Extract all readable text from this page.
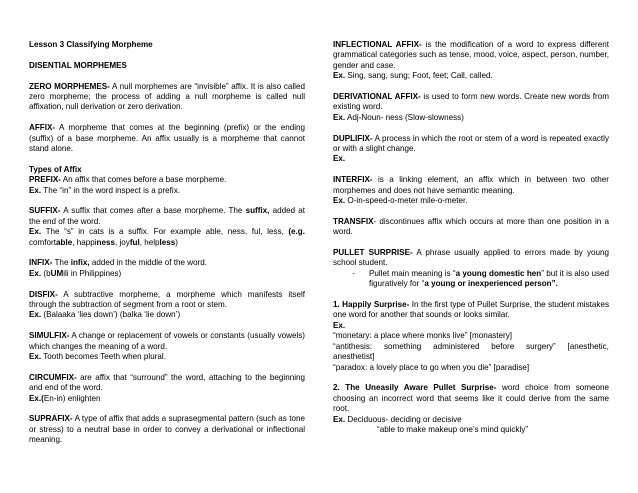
Lesson 3 Classifying Morpheme

DISENTIAL MORPHEMES

ZERO MORPHEMES- A null morphemes are “invisible” affix. It is also called zero morpheme; the process of adding a null morpheme is called null affixation, null derivation or zero derivation.

AFFIX- A morpheme that comes at the beginning (prefix) or the ending (suffix) of a base morpheme. An affix usually is a morpheme that cannot stand alone.

Types of Affix

PREFIX- An affix that comes before a base morpheme.

Ex. The “in” in the word inspect is a prefix.

SUFFIX- A suffix that comes after a base morpheme. The suffix, added at the end of the word.

Ex. The “s” in cats is a suffix. For example able, ness, ful, less, (e.g. comfortable, happiness, joyful, helpless)

INFIX- The infix, added in the middle of the word.

Ex. (bUMili in Philippines)

DISFIX- A subtractive morpheme, a morpheme which manifests itself through the subtraction of segment from a root or stem.

Ex. (Balaaka ‘lies down’) (balka ‘lie down’)

SIMULFIX- A change or replacement of vowels or constants (usually vowels) which changes the meaning of a word.

Ex. Tooth becomes Teeth when plural.

CIRCUMFIX- are affix that “surround” the word, attaching to the beginning and end of the word.

Ex.(En-in) enlighten

SUPRAFIX- A type of affix that adds a suprasegmental pattern (such as tone or stress) to a neutral base in order to convey a derivational or inflectional meaning.

INFLECTIONAL AFFIX- is the modification of a word to express different grammatical categories such as tense, mood, voice, aspect, person, number, gender and case.

Ex. Sing, sang, sung; Foot, feet; Call, called.

DERIVATIONAL AFFIX- is used to form new words. Create new words from existing word.

Ex. Adj-Noun- ness (Slow-slowness)

DUPLIFIX- A process in which the root or stem of a word is repeated exactly or with a slight change.

Ex.

INTERFIX- is a linking element, an affix which in between two other morphemes and does not have semantic meaning.

Ex. O-in-speed-o-meter mile-o-meter.

TRANSFIX- discontinues affix which occurs at more than one position in a word.

PULLET SURPRISE- A phrase usually applied to errors made by young school student.

-	Pullet main meaning is “a young domestic hen” but it is also used figuratively for “a young or inexperienced person”.

1. Happily Surprise- In the first type of Pullet Surprise, the student mistakes one word for another that sounds or looks similar.

Ex.

“monetary: a place where monks live” [monastery]

“antithesis: something administered before surgery” [anesthetic,

anesthetist]

“paradox: a lovely place to go when you die” [paradise]

2. The Uneasily Aware Pullet Surprise- word choice from someone choosing an incorrect word that seems like it could derive from the same root.

Ex. Deciduous- deciding or decisive

“able to make makeup one’s mind quickly”
